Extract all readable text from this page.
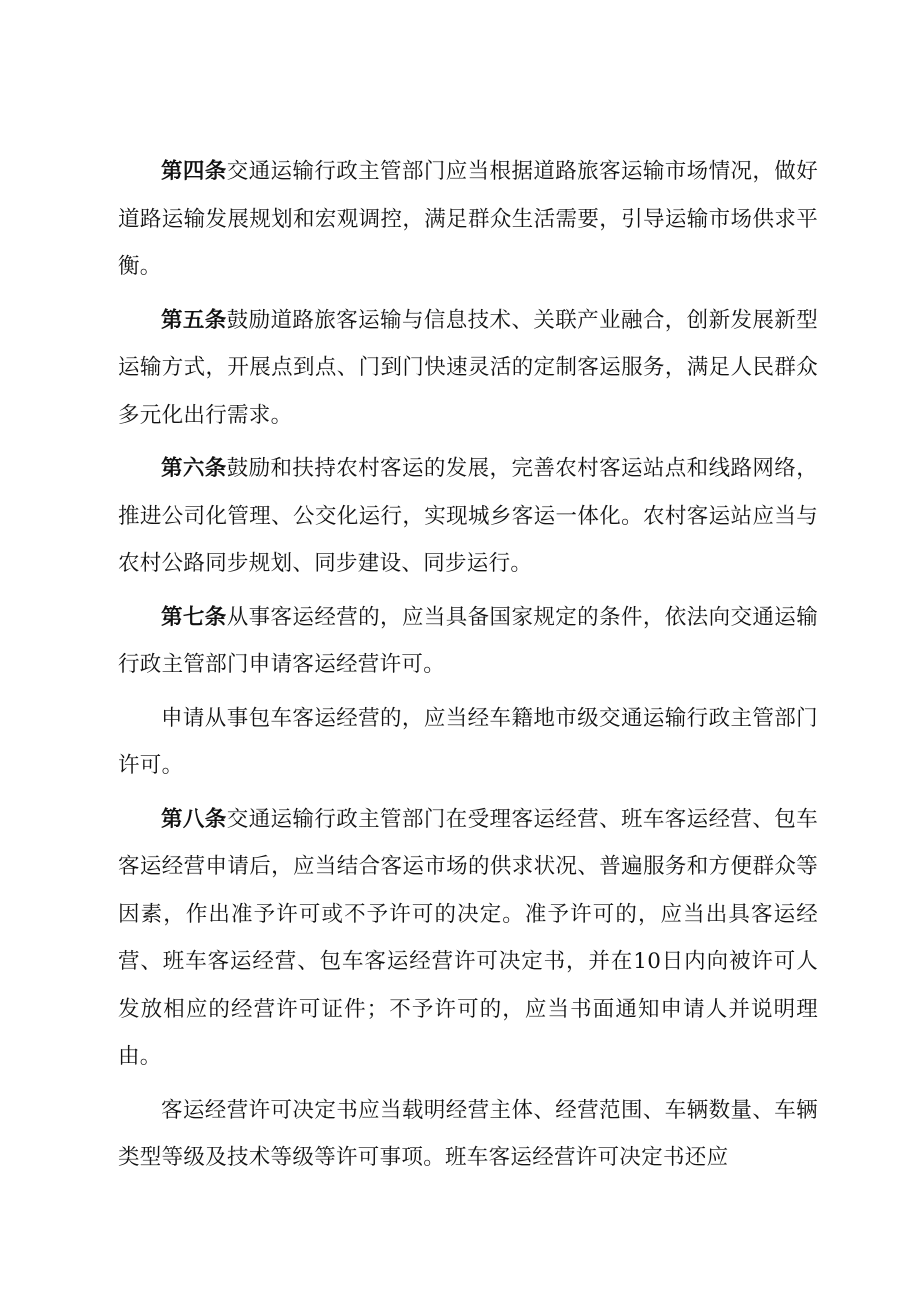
第四条交通运输行政主管部门应当根据道路旅客运输市场情况，做好道路运输发展规划和宏观调控，满足群众生活需要，引导运输市场供求平衡。

第五条鼓励道路旅客运输与信息技术、关联产业融合，创新发展新型运输方式，开展点到点、门到门快速灵活的定制客运服务，满足人民群众多元化出行需求。

第六条鼓励和扶持农村客运的发展，完善农村客运站点和线路网络，推进公司化管理、公交化运行，实现城乡客运一体化。农村客运站应当与农村公路同步规划、同步建设、同步运行。

第七条从事客运经营的，应当具备国家规定的条件，依法向交通运输行政主管部门申请客运经营许可。

申请从事包车客运经营的，应当经车籍地市级交通运输行政主管部门许可。

第八条交通运输行政主管部门在受理客运经营、班车客运经营、包车客运经营申请后，应当结合客运市场的供求状况、普遍服务和方便群众等因素，作出准予许可或不予许可的决定。准予许可的，应当出具客运经营、班车客运经营、包车客运经营许可决定书，并在10日内向被许可人发放相应的经营许可证件；不予许可的，应当书面通知申请人并说明理由。

客运经营许可决定书应当载明经营主体、经营范围、车辆数量、车辆类型等级及技术等级等许可事项。班车客运经营许可决定书还应
